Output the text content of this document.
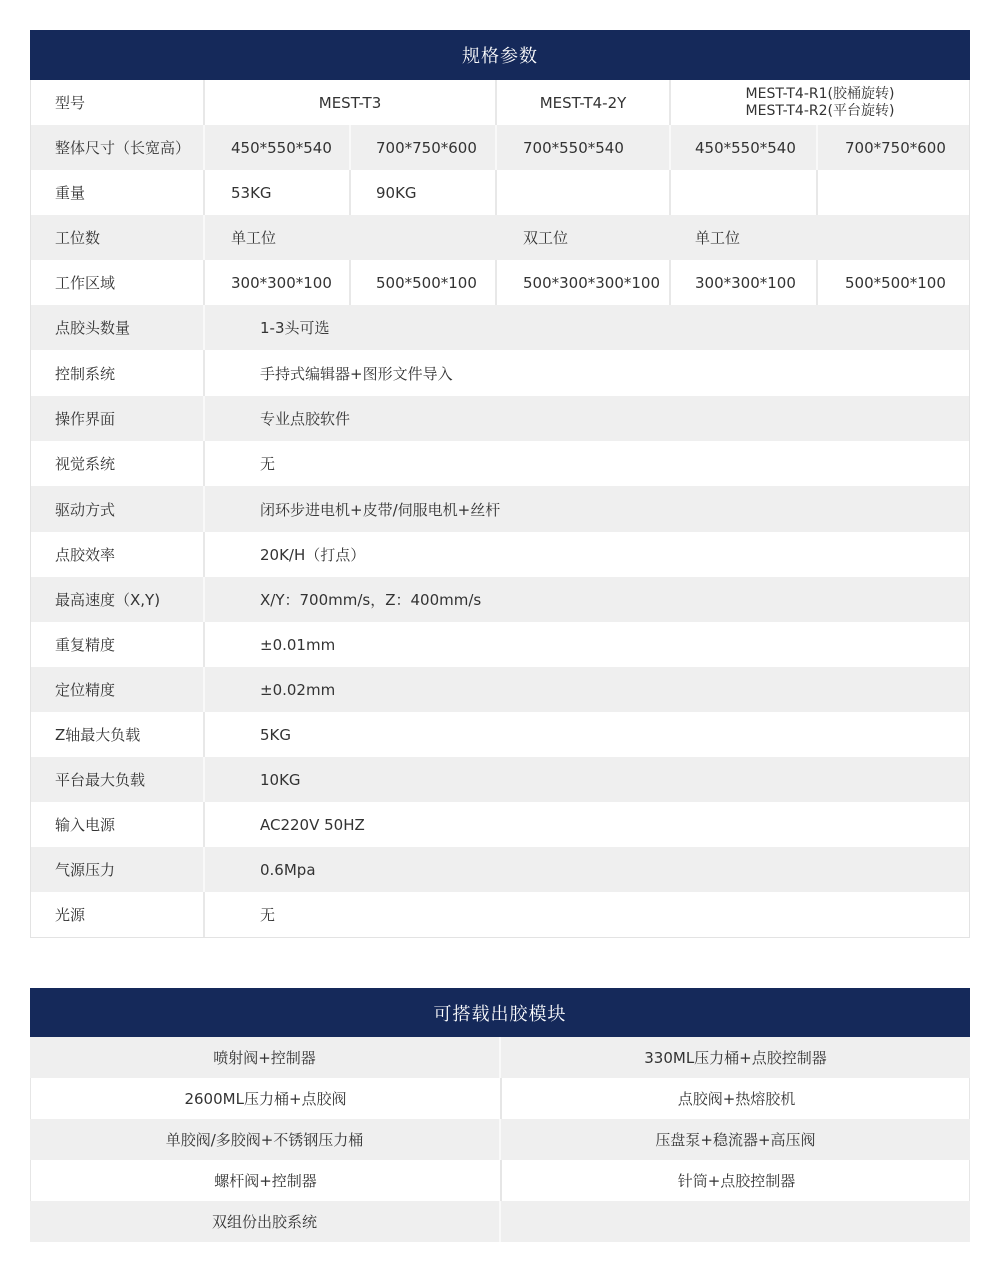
规格参数
型号	MEST-T3	MEST-T4-2Y	MEST-T4-R1(胶桶旋转)
MEST-T4-R2(平台旋转)
整体尺寸（长宽高）	450*550*540	700*750*600	700*550*540	450*550*540	700*750*600
重量	53KG	90KG
工位数	单工位	双工位	单工位
工作区域	300*300*100	500*500*100	500*300*300*100	300*300*100	500*500*100
点胶头数量	1-3头可选
控制系统	手持式编辑器+图形文件导入
操作界面	专业点胶软件
视觉系统	无
驱动方式	闭环步进电机+皮带/伺服电机+丝杆
点胶效率	20K/H（打点）
最高速度（X,Y)	X/Y：700mm/s，Z：400mm/s
重复精度	±0.01mm
定位精度	±0.02mm
Z轴最大负载	5KG
平台最大负载	10KG
输入电源	AC220V 50HZ
气源压力	0.6Mpa
光源	无
可搭载出胶模块
喷射阀+控制器	330ML压力桶+点胶控制器
2600ML压力桶+点胶阀	点胶阀+热熔胶机
单胶阀/多胶阀+不锈钢压力桶	压盘泵+稳流器+高压阀
螺杆阀+控制器	针筒+点胶控制器
双组份出胶系统
